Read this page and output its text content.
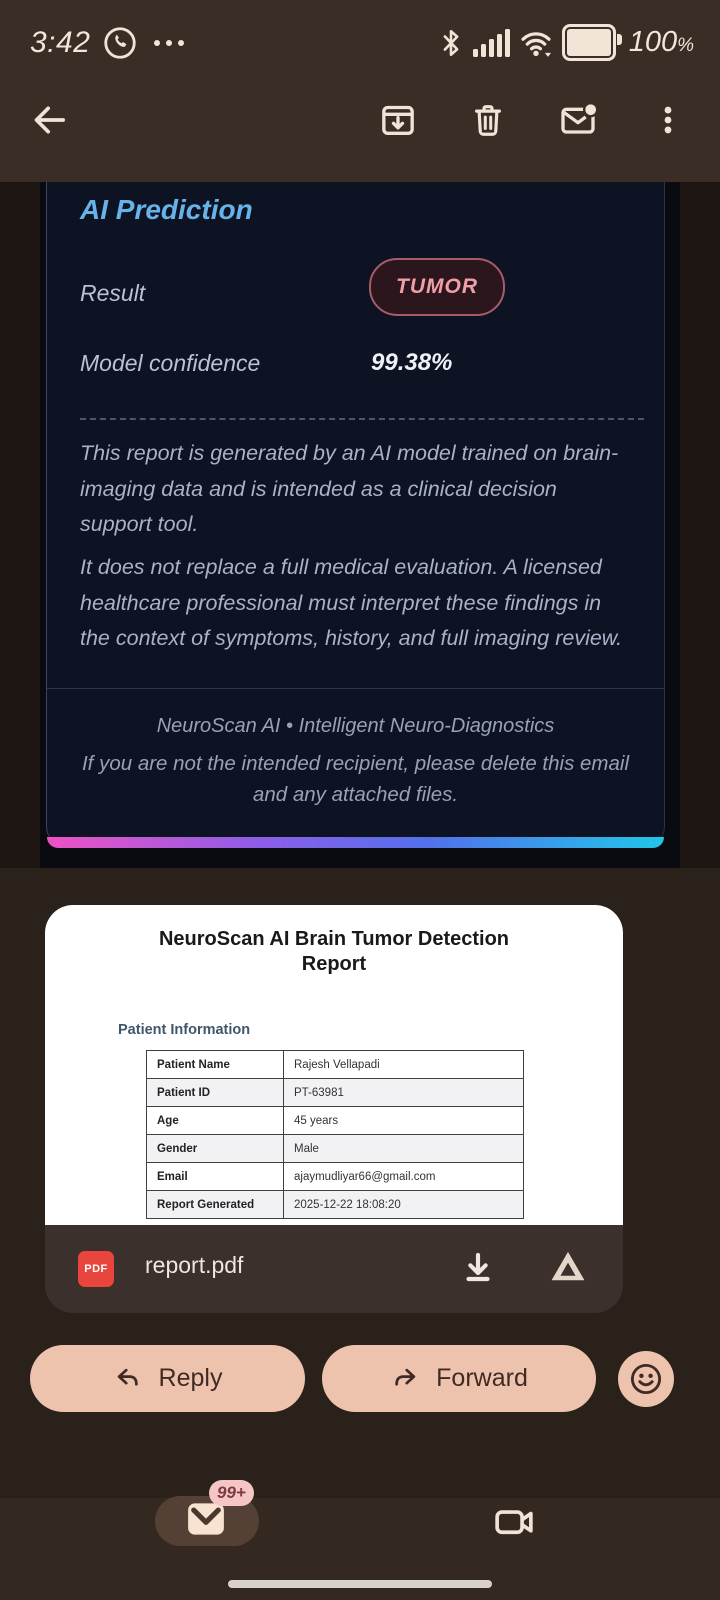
3:42	100%
AI Prediction
Result	TUMOR
Model confidence	99.38%
This report is generated by an AI model trained on brain-imaging data and is intended as a clinical decision support tool.
It does not replace a full medical evaluation. A licensed healthcare professional must interpret these findings in the context of symptoms, history, and full imaging review.
NeuroScan AI • Intelligent Neuro-Diagnostics
If you are not the intended recipient, please delete this email and any attached files.
NeuroScan AI Brain Tumor Detection Report
Patient Information
Patient Name	Rajesh Vellapadi
Patient ID	PT-63981
Age	45 years
Gender	Male
Email	ajaymudliyar66@gmail.com
Report Generated	2025-12-22 18:08:20
PDF report.pdf
Reply	Forward
99+
